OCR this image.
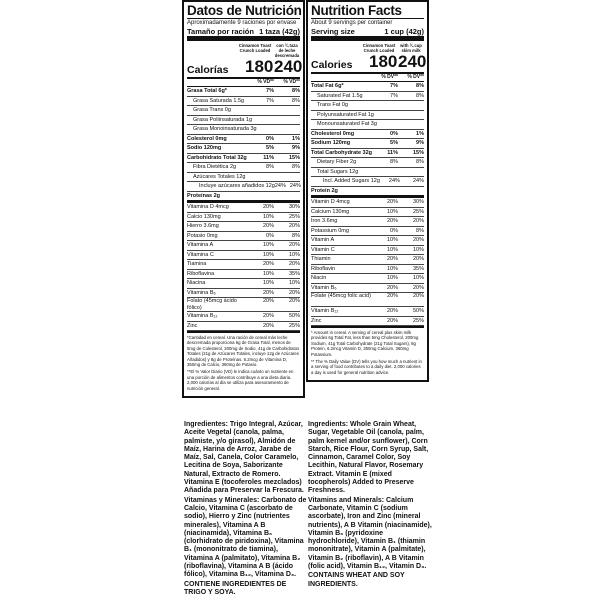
Datos de Nutrición
Aproximadamente 9 raciones por envase
Tamaño por ración 1 taza (42g)
Cinnamon Toast Crunch Loaded
con ¾ taza de leche descremada
Calorías 180 240
% VD**	% VD**
Grasa Total 6g*	7%	8%
Grasa Saturada 1.5g	7%	8%
Grasa Trans 0g
Grasa Poliinsaturada 1g
Grasa Monoinsaturada 3g
Colesterol 0mg	0%	1%
Sodio 120mg	5%	9%
Carbohidrato Total 32g	11%	15%
Fibra Dietética 2g	8%	8%
Azúcares Totales 12g
Incluye azúcares añadidos 12g 24% 24%
Proteínas 2g
Vitamina D 4mcg	20%	30%
Calcio 130mg	10%	25%
Hierro 3.6mg	20%	20%
Potasio 0mg	0%	8%
Vitamina A	10%	20%
Vitamina C	10%	10%
Tiamina	20%	20%
Riboflavina	10%	35%
Niacina	10%	10%
Vitamina B₆	20%	20%
Folato (45mcg ácido fólico)
20%	20%
Vitamina B₁₂	20%	50%
Zinc	20%	25%

*Cantidad en cereal. Una ración de cereal más leche descremada proporciona 6g de Grasa Total, menos de 5mg de Colesterol, 200mg de Sodio, 41g de Carbohidratos Totales (21g de Azúcares Totales, incluye 12g de Azúcares Añadidos) y 8g de Proteínas. 6.2mcg de Vitamina D, 350mg de Calcio, 360mg de Potasio.

**El % Valor Diario (VD) le indica cuánto un nutriente en una porción de alimentos contribuye a una dieta diaria. 2,000 calorías al día se utiliza para asesoramiento de nutrición general.

Nutrition Facts
About 9 servings per container
Serving size	1 cup (42g)
Cinnamon Toast Crunch Loaded
with ¾ cup skim milk
Calories 180 240
% DV**	% DV**
Total Fat 6g*	7%	8%
Saturated Fat 1.5g	7%	8%
Trans Fat 0g
Polyunsaturated Fat 1g
Monounsaturated Fat 3g
Cholesterol 0mg	0%	1%
Sodium 120mg	5%	9%
Total Carbohydrate 32g	11%	15%
Dietary Fiber 2g	8%	8%
Total Sugars 12g
Incl. Added Sugars 12g	24%	24%
Protein 2g
Vitamin D 4mcg	20%	30%
Calcium 130mg	10%	25%
Iron 3.6mg	20%	20%
Potassium 0mg	0%	8%
Vitamin A	10%	20%
Vitamin C	10%	10%
Thiamin	20%	20%
Riboflavin	10%	35%
Niacin	10%	10%
Vitamin B₆	20%	20%
Folate (45mcg folic acid)	20%	20%
Vitamin B₁₂	20%	50%
Zinc	20%	25%

* Amount in cereal. A serving of cereal plus skim milk provides 6g Total Fat, less than 5mg Cholesterol, 200mg Sodium, 41g Total Carbohydrate (21g Total Sugars), 8g Protein, 6.2mcg Vitamin D, 350mg Calcium, 360mg Potassium.

** The % Daily Value (DV) tells you how much a nutrient in a serving of food contributes to a daily diet. 2,000 calories a day is used for general nutrition advice.

Ingredientes: Trigo Integral, Azúcar, Aceite Vegetal (canola, palma, palmiste, y/o girasol), Almidón de Maíz, Harina de Arroz, Jarabe de Maíz, Sal, Canela, Color Caramelo, Lecitina de Soya, Saborizante Natural, Extracto de Romero. Vitamina E (tocoferoles mezclados) Añadida para Preservar la Frescura.

Vitaminas y Minerales: Carbonato de Calcio, Vitamina C (ascorbato de sodio), Hierro y Zinc (nutrientes minerales), Vitamina A B (niacinamida), Vitamina B₆ (clorhidrato de piridoxina), Vitamina B₁ (mononitrato de tiamina), Vitamina A (palmitato), Vitamina B₂ (riboflavina), Vitamina A B (ácido fólico), Vitamina B₁₂, Vitamina D₃.

CONTIENE INGREDIENTES DE TRIGO Y SOYA.

Ingredients: Whole Grain Wheat, Sugar, Vegetable Oil (canola, palm, palm kernel and/or sunflower), Corn Starch, Rice Flour, Corn Syrup, Salt, Cinnamon, Caramel Color, Soy Lecithin, Natural Flavor, Rosemary Extract. Vitamin E (mixed tocopherols) Added to Preserve Freshness.

Vitamins and Minerals: Calcium Carbonate, Vitamin C (sodium ascorbate), Iron and Zinc (mineral nutrients), A B Vitamin (niacinamide), Vitamin B₆ (pyridoxine hydrochloride), Vitamin B₁ (thiamin mononitrate), Vitamin A (palmitate), Vitamin B₂ (riboflavin), A B Vitamin (folic acid), Vitamin B₁₂, Vitamin D₃.

CONTAINS WHEAT AND SOY INGREDIENTS.
